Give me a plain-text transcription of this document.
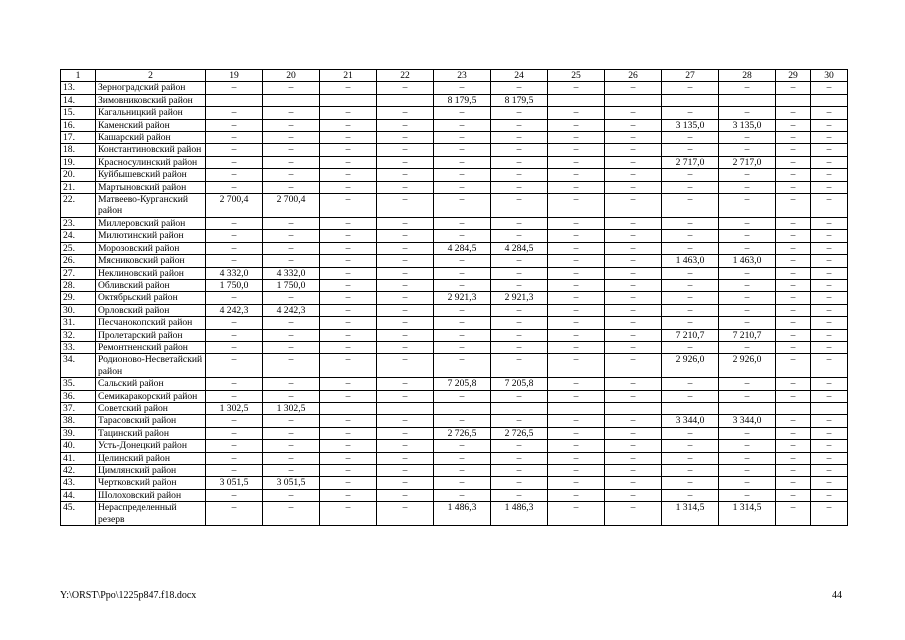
1	2	19	20	21	22	23	24	25	26	27	28	29	30
13.	Зерноградский район	–	–	–	–	–	–	–	–	–	–	–	–
14.	Зимовниковский район					8 179,5	8 179,5						
15.	Кагальницкий район	–	–	–	–	–	–	–	–	–	–	–	–
16.	Каменский район	–	–	–	–	–	–	–	–	3 135,0	3 135,0	–	–
17.	Кашарский район	–	–	–	–	–	–	–	–	–	–	–	–
18.	Константиновский район	–	–	–	–	–	–	–	–	–	–	–	–
19.	Красносулинский район	–	–	–	–	–	–	–	–	2 717,0	2 717,0	–	–
20.	Куйбышевский район	–	–	–	–	–	–	–	–	–	–	–	–
21.	Мартыновский район	–	–	–	–	–	–	–	–	–	–	–	–
22.	Матвеево-Курганский район	2 700,4	2 700,4	–	–	–	–	–	–	–	–	–	–
23.	Миллеровский район	–	–	–	–	–	–	–	–	–	–	–	–
24.	Милютинский район	–	–	–	–	–	–	–	–	–	–	–	–
25.	Морозовский район	–	–	–	–	4 284,5	4 284,5	–	–	–	–	–	–
26.	Мясниковский район	–	–	–	–	–	–	–	–	1 463,0	1 463,0	–	–
27.	Неклиновский район	4 332,0	4 332,0	–	–	–	–	–	–	–	–	–	–
28.	Обливский район	1 750,0	1 750,0	–	–	–	–	–	–	–	–	–	–
29.	Октябрьский район	–	–	–	–	2 921,3	2 921,3	–	–	–	–	–	–
30.	Орловский район	4 242,3	4 242,3	–	–	–	–	–	–	–	–	–	–
31.	Песчанокопский район	–	–	–	–	–	–	–	–	–	–	–	–
32.	Пролетарский район	–	–	–	–	–	–	–	–	7 210,7	7 210,7	–	–
33.	Ремонтненский район	–	–	–	–	–	–	–	–	–	–	–	–
34.	Родионово-Несветайский район	–	–	–	–	–	–	–	–	2 926,0	2 926,0	–	–
35.	Сальский район	–	–	–	–	7 205,8	7 205,8	–	–	–	–	–	–
36.	Семикаракорский район	–	–	–	–	–	–	–	–	–	–	–	–
37.	Советский район	1 302,5	1 302,5										
38.	Тарасовский район	–	–	–	–	–	–	–	–	3 344,0	3 344,0	–	–
39.	Тацинский район	–	–	–	–	2 726,5	2 726,5	–	–	–	–	–	–
40.	Усть-Донецкий район	–	–	–	–	–	–	–	–	–	–	–	–
41.	Целинский район	–	–	–	–	–	–	–	–	–	–	–	–
42.	Цимлянский район	–	–	–	–	–	–	–	–	–	–	–	–
43.	Чертковский район	3 051,5	3 051,5	–	–	–	–	–	–	–	–	–	–
44.	Шолоховский район	–	–	–	–	–	–	–	–	–	–	–	–
45.	Нераспределенный резерв	–	–	–	–	1 486,3	1 486,3	–	–	1 314,5	1 314,5	–	–
Y:\ORST\Ppo\1225p847.f18.docx	44
